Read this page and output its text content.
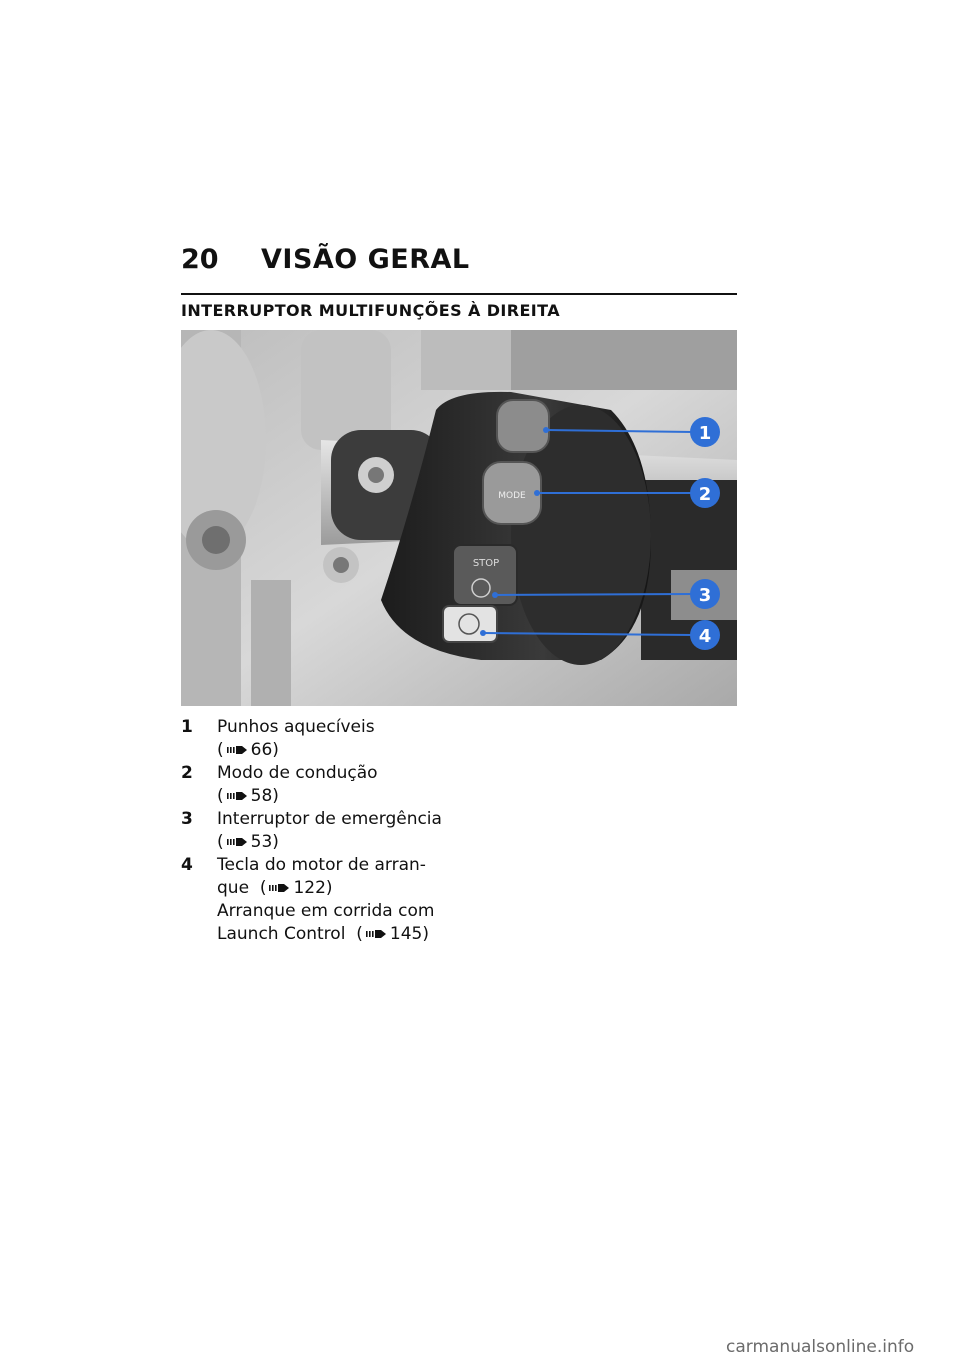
20	VISÃO GERAL
INTERRUPTOR MULTIFUNÇÕES À DIREITA
MODE
STOP
1
2
3
4
1	Punhos aquecíveis
( 66)
2	Modo de condução
( 58)
3	Interruptor de emergência
( 53)
4	Tecla do motor de arran-
que  ( 122)
Arranque em corrida com
Launch Control  ( 145)
carmanualsonline.info
